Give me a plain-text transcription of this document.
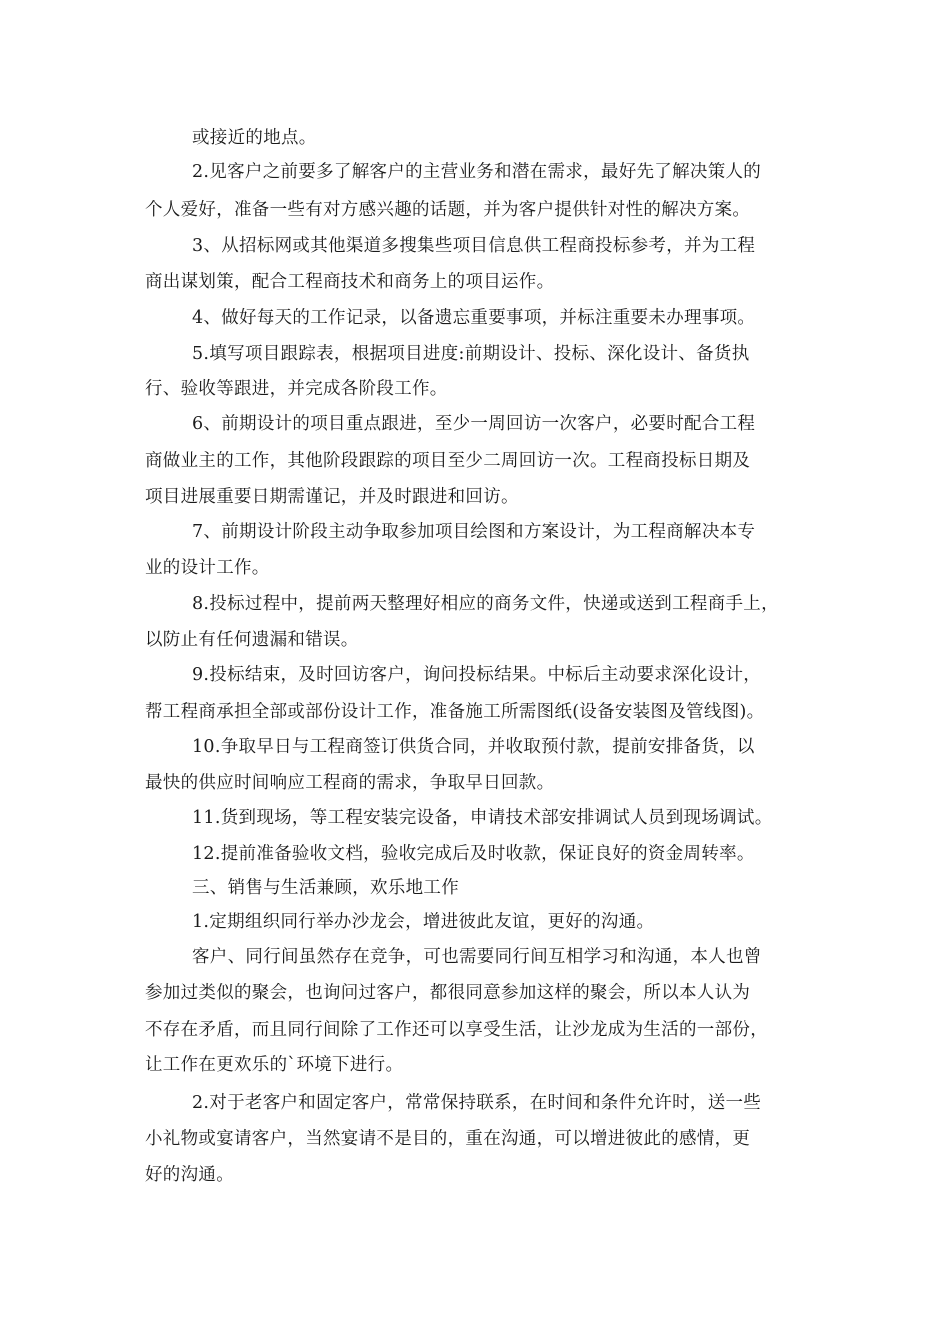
或接近的地点。
2.见客户之前要多了解客户的主营业务和潜在需求，最好先了解决策人的
个人爱好，准备一些有对方感兴趣的话题，并为客户提供针对性的解决方案。
3、从招标网或其他渠道多搜集些项目信息供工程商投标参考，并为工程
商出谋划策，配合工程商技术和商务上的项目运作。
4、做好每天的工作记录，以备遗忘重要事项，并标注重要未办理事项。
5.填写项目跟踪表，根据项目进度:前期设计、投标、深化设计、备货执
行、验收等跟进，并完成各阶段工作。
6、前期设计的项目重点跟进，至少一周回访一次客户，必要时配合工程
商做业主的工作，其他阶段跟踪的项目至少二周回访一次。工程商投标日期及
项目进展重要日期需谨记，并及时跟进和回访。
7、前期设计阶段主动争取参加项目绘图和方案设计，为工程商解决本专
业的设计工作。
8.投标过程中，提前两天整理好相应的商务文件，快递或送到工程商手上，
以防止有任何遗漏和错误。
9.投标结束，及时回访客户，询问投标结果。中标后主动要求深化设计，
帮工程商承担全部或部份设计工作，准备施工所需图纸(设备安装图及管线图)。
10.争取早日与工程商签订供货合同，并收取预付款，提前安排备货，以
最快的供应时间响应工程商的需求，争取早日回款。
11.货到现场，等工程安装完设备，申请技术部安排调试人员到现场调试。
12.提前准备验收文档，验收完成后及时收款，保证良好的资金周转率。
三、销售与生活兼顾，欢乐地工作
1.定期组织同行举办沙龙会，增进彼此友谊，更好的沟通。
客户、同行间虽然存在竞争，可也需要同行间互相学习和沟通，本人也曾
参加过类似的聚会，也询问过客户，都很同意参加这样的聚会，所以本人认为
不存在矛盾，而且同行间除了工作还可以享受生活，让沙龙成为生活的一部份，
让工作在更欢乐的`环境下进行。
2.对于老客户和固定客户，常常保持联系，在时间和条件允许时，送一些
小礼物或宴请客户，当然宴请不是目的，重在沟通，可以增进彼此的感情，更
好的沟通。
